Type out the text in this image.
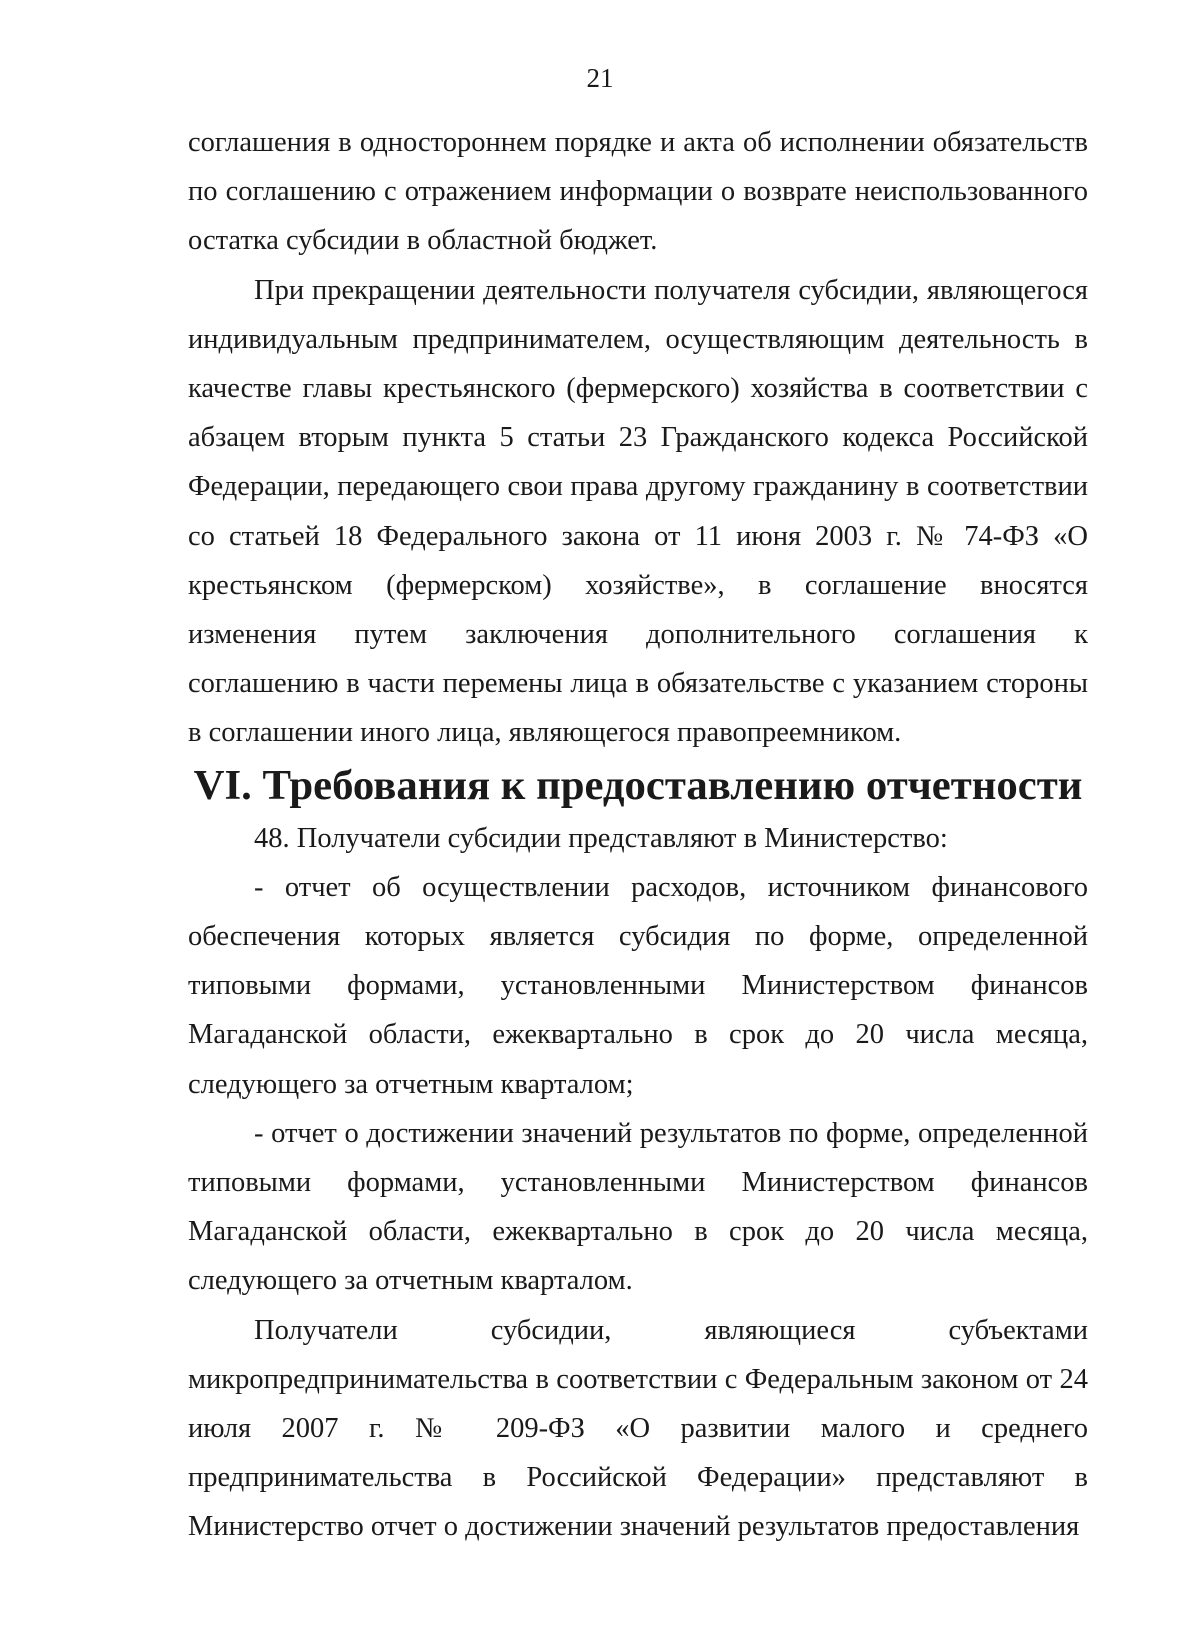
21

соглашения в одностороннем порядке и акта об исполнении обязательств по соглашению с отражением информации о возврате неиспользованного остатка субсидии в областной бюджет.

При прекращении деятельности получателя субсидии, являющегося индивидуальным предпринимателем, осуществляющим деятельность в качестве главы крестьянского (фермерского) хозяйства в соответствии с абзацем вторым пункта 5 статьи 23 Гражданского кодекса Российской Федерации, передающего свои права другому гражданину в соответствии со статьей 18 Федерального закона от 11 июня 2003 г. № 74-ФЗ «О крестьянском (фермерском) хозяйстве», в соглашение вносятся изменения путем заключения дополнительного соглашения к соглашению в части перемены лица в обязательстве с указанием стороны в соглашении иного лица, являющегося правопреемником.

VI. Требования к предоставлению отчетности

48. Получатели субсидии представляют в Министерство:

- отчет об осуществлении расходов, источником финансового обеспечения которых является субсидия по форме, определенной типовыми формами, установленными Министерством финансов Магаданской области, ежеквартально в срок до 20 числа месяца, следующего за отчетным кварталом;

- отчет о достижении значений результатов по форме, определенной типовыми формами, установленными Министерством финансов Магаданской области, ежеквартально в срок до 20 числа месяца, следующего за отчетным кварталом.

Получатели субсидии, являющиеся субъектами микропредпринимательства в соответствии с Федеральным законом от 24 июля 2007 г. № 209-ФЗ «О развитии малого и среднего предпринимательства в Российской Федерации» представляют в Министерство отчет о достижении значений результатов предоставления
